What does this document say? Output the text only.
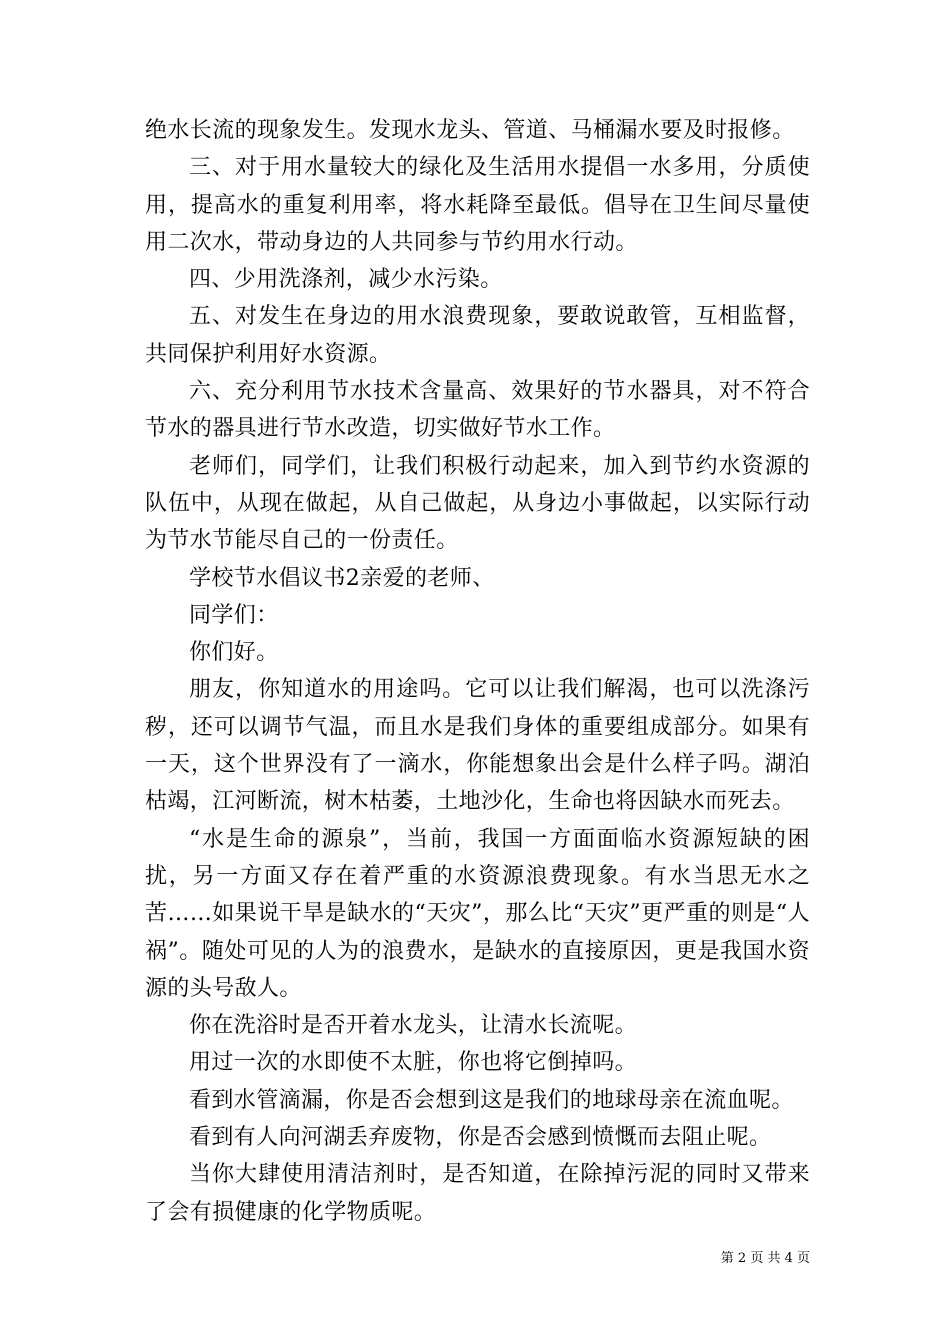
绝水长流的现象发生。发现水龙头、管道、马桶漏水要及时报修。

三、对于用水量较大的绿化及生活用水提倡一水多用，分质使用，提高水的重复利用率，将水耗降至最低。倡导在卫生间尽量使用二次水，带动身边的人共同参与节约用水行动。

四、少用洗涤剂，减少水污染。

五、对发生在身边的用水浪费现象，要敢说敢管，互相监督，共同保护利用好水资源。

六、充分利用节水技术含量高、效果好的节水器具，对不符合节水的器具进行节水改造，切实做好节水工作。

老师们，同学们，让我们积极行动起来，加入到节约水资源的队伍中，从现在做起，从自己做起，从身边小事做起，以实际行动为节水节能尽自己的一份责任。

学校节水倡议书2亲爱的老师、

同学们：

你们好。

朋友，你知道水的用途吗。它可以让我们解渴，也可以洗涤污秽，还可以调节气温，而且水是我们身体的重要组成部分。如果有一天，这个世界没有了一滴水，你能想象出会是什么样子吗。湖泊枯竭，江河断流，树木枯萎，土地沙化，生命也将因缺水而死去。

“水是生命的源泉”，当前，我国一方面面临水资源短缺的困扰，另一方面又存在着严重的水资源浪费现象。有水当思无水之苦……如果说干旱是缺水的“天灾”，那么比“天灾”更严重的则是“人祸”。随处可见的人为的浪费水，是缺水的直接原因，更是我国水资源的头号敌人。

你在洗浴时是否开着水龙头，让清水长流呢。

用过一次的水即使不太脏，你也将它倒掉吗。

看到水管滴漏，你是否会想到这是我们的地球母亲在流血呢。

看到有人向河湖丢弃废物，你是否会感到愤慨而去阻止呢。

当你大肆使用清洁剂时，是否知道，在除掉污泥的同时又带来了会有损健康的化学物质呢。

第 2 页 共 4 页
